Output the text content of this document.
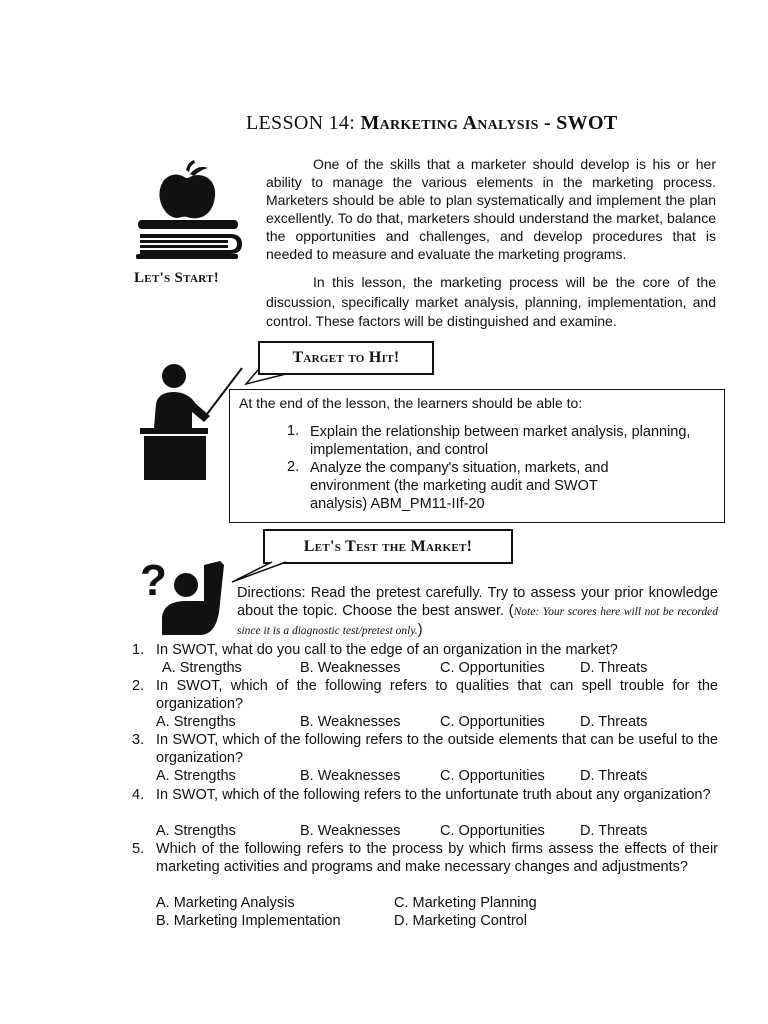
LESSON 14: Marketing Analysis - SWOT
Let's Start!
One of the skills that a marketer should develop is his or her ability to manage the various elements in the marketing process. Marketers should be able to plan systematically and implement the plan excellently. To do that, marketers should understand the market, balance the opportunities and challenges, and develop procedures that is needed to measure and evaluate the marketing programs.
In this lesson, the marketing process will be the core of the discussion, specifically market analysis, planning, implementation, and control. These factors will be distinguished and examine.
Target to Hit!
At the end of the lesson, the learners should be able to:
1. Explain the relationship between market analysis, planning, implementation, and control
2. Analyze the company's situation, markets, and environment (the marketing audit and SWOT analysis) ABM_PM11-IIf-20
Let's Test the Market!
?	Directions: Read the pretest carefully. Try to assess your prior knowledge about the topic. Choose the best answer. (Note: Your scores here will not be recorded since it is a diagnostic test/pretest only.)
1. In SWOT, what do you call to the edge of an organization in the market?
A. Strengths	B. Weaknesses	C. Opportunities D. Threats
2. In SWOT, which of the following refers to qualities that can spell trouble for the organization?
A. Strengths	B. Weaknesses	C. Opportunities D. Threats
3. In SWOT, which of the following refers to the outside elements that can be useful to the organization?
A. Strengths	B. Weaknesses	C. Opportunities D. Threats
4. In SWOT, which of the following refers to the unfortunate truth about any organization?
A. Strengths	B. Weaknesses	C. Opportunities D. Threats
5. Which of the following refers to the process by which firms assess the effects of their marketing activities and programs and make necessary changes and adjustments?
A. Marketing Analysis	C. Marketing Planning
B. Marketing Implementation	D. Marketing Control
